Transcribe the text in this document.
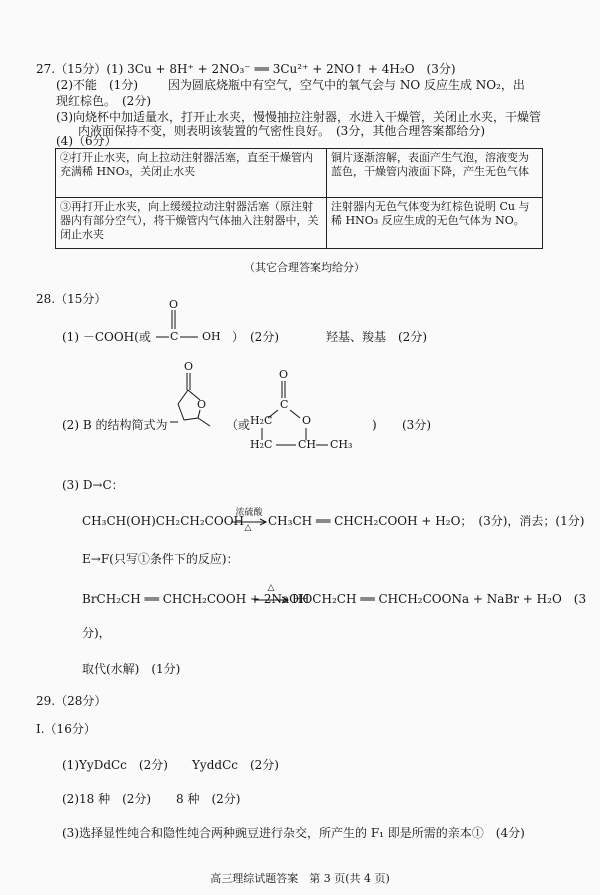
27.（15分）(1) 3Cu + 8H⁺ + 2NO₃⁻ ══ 3Cu²⁺ + 2NO↑ + 4H₂O　(3分)
(2)不能　(1分)	因为圆底烧瓶中有空气，空气中的氧气会与 NO 反应生成 NO₂，出
现红棕色。　(2分)
(3)向烧杯中加适量水，打开止水夹，慢慢抽拉注射器，水进入干燥管，关闭止水夹，干燥管
内液面保持不变，则表明该装置的气密性良好。　(3分，其他合理答案都给分)
(4)（6分）
②打开止水夹，向上拉动注射器活塞，直至干燥管内充满稀 HNO₃，关闭止水夹	铜片逐渐溶解，表面产生气泡，溶液变为蓝色，干燥管内液面下降，产生无色气体
③再打开止水夹，向上缓缓拉动注射器活塞（原注射器内有部分空气），将干燥管内气体抽入注射器中，关闭止水夹	注射器内无色气体变为红棕色说明 Cu 与稀 HNO₃ 反应生成的无色气体为 NO。
（其它合理答案均给分）
28.（15分）
(1) －COOH(或
O
C OH ）　(2分)	羟基、羧基　(2分)
(2) B 的结构简式为
O
O
（或
O
C
H₂C	O
H₂C CH CH₃
) (3分)
(3) D→C：
CH₃CH(OH)CH₂CH₂COOH
浓硫酸
△	CH₃CH ══ CHCH₂COOH + H₂O；　(3分)，消去；(1分)
E→F(只写①条件下的反应)：
BrCH₂CH ══ CHCH₂COOH + 2NaOH
△
HOCH₂CH ══ CHCH₂COONa + NaBr + H₂O　(3
分)，
取代(水解)　(1分)
29.（28分）
Ⅰ.（16分）
(1)YyDdCc　(2分) YyddCc　(2分)
(2)18 种　(2分) 8 种　(2分)
(3)选择显性纯合和隐性纯合两种豌豆进行杂交，所产生的 F₁ 即是所需的亲本①　(4分)
高三理综试题答案　第 3 页(共 4 页)
